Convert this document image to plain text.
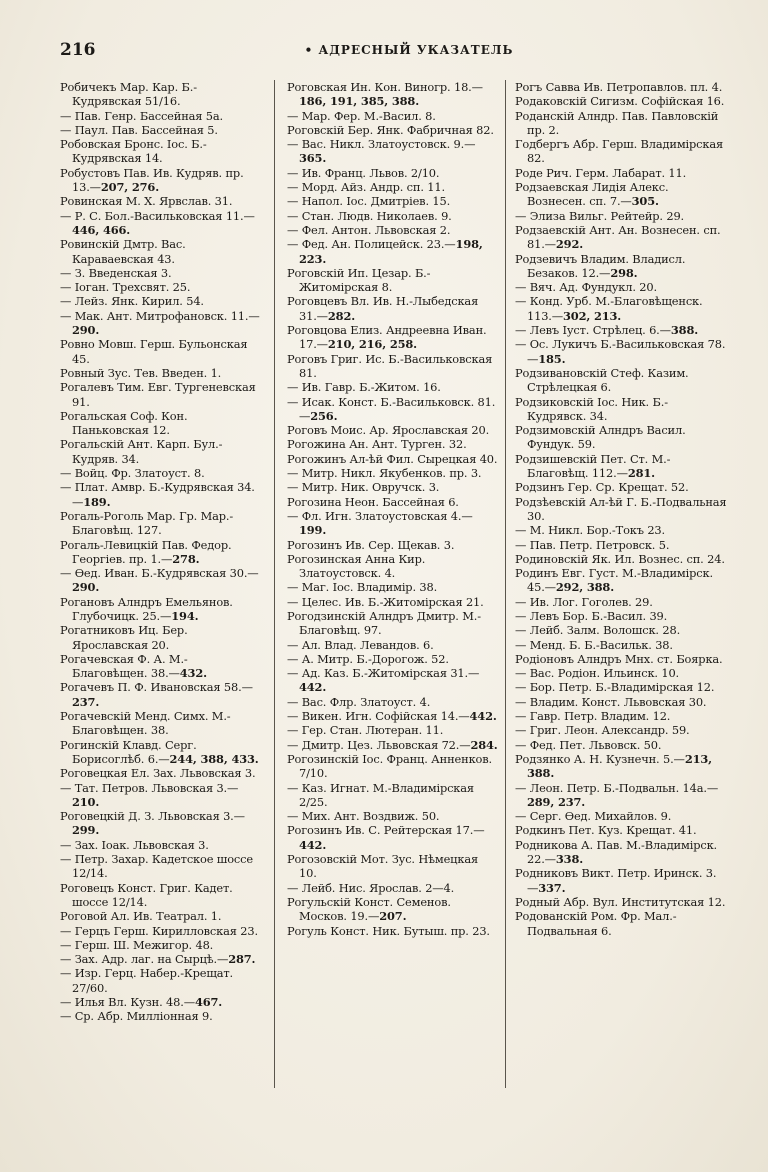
216	• АДРЕСНЫЙ УКАЗАТЕЛЬ

Робичекъ Мар. Кар. Б.-Кудрявская 51/16.

— Пав. Генр. Бассейная 5а.

— Паул. Пав. Бассейная 5.

Робовская Бронс. Іос. Б.-Кудрявская 14.

Робустовъ Пав. Ив. Кудряв. пр. 13.—207, 276.

Ровинская М. Х. Ярвслав. 31.

— Р. С. Бол.-Васильковская 11.—446, 466.

Ровинскій Дмтр. Вас. Караваевская 43.

— З. Введенская 3.

— Іоган. Трехсвят. 25.

— Лейз. Янк. Кирил. 54.

— Мак. Ант. Митрофановск. 11.—290.

Ровно Мовш. Герш. Бульонская 45.

Ровный Зус. Тев. Введен. 1.

Рогалевъ Тим. Евг. Тургеневская 91.

Рогальская Соф. Кон. Паньковская 12.

Рогальскій Ант. Карп. Бул.-Кудряв. 34.

— Войц. Фр. Златоуст. 8.

— Плат. Амвр. Б.-Кудрявская 34.—189.

Рогаль-Роголь Мар. Гр. Мар.-Благовѣщ. 127.

Рогаль-Левицкій Пав. Федор. Георгiев. пр. 1.—278.

— Ѳед. Иван. Б.-Кудрявская 30.—290.

Рогановъ Алндръ Емельянов. Глубочицк. 25.—194.

Рогатниковъ Иц. Бер. Ярославская 20.

Рогачевская Ф. А. М.-Благовѣщен. 38.—432.

Рогачевъ П. Ф. Ивановская 58.—237.

Рогачевскій Менд. Симх. М.-Благовѣщен. 38.

Рогинскій Клавд. Серг. Борисоглѣб. 6.—244, 388, 433.

Роговецкая Ел. Зах. Львовская 3.

— Тат. Петров. Львовская 3.—210.

Роговецкій Д. З. Львовская 3.—299.

— Зах. Іоак. Львовская 3.

— Петр. Захар. Кадетское шоссе 12/14.

Роговецъ Конст. Григ. Кадет. шоссе 12/14.

Роговой Ал. Ив. Театрал. 1.

— Герцъ Герш. Кирилловская 23.

— Герш. Ш. Межигор. 48.

— Зах. Адр. лаг. на Сырцѣ.—287.

— Изр. Герц. Набер.-Крещат. 27/60.

— Илья Вл. Кузн. 48.—467.

— Ср. Абр. Миллiонная 9.

Роговская Ин. Кон. Виногр. 18.—186, 191, 385, 388.

— Мар. Фер. М.-Васил. 8.

Роговскій Бер. Янк. Фабричная 82.

— Вас. Никл. Златоустовск. 9.—365.

— Ив. Франц. Львов. 2/10.

— Морд. Айз. Андр. сп. 11.

— Напол. Іос. Дмитрiев. 15.

— Стан. Людв. Николаев. 9.

— Фел. Антон. Львовская 2.

— Фед. Ан. Полицейск. 23.—198, 223.

Роговскій Ип. Цезар. Б.-Житомірская 8.

Роговцевъ Вл. Ив. Н.-Лыбедская 31.—282.

Роговцова Елиз. Андреевна Иван. 17.—210, 216, 258.

Роговъ Григ. Ис. Б.-Васильковская 81.

— Ив. Гавр. Б.-Житом. 16.

— Исак. Конст. Б.-Васильковск. 81.—256.

Роговъ Моис. Ар. Ярославская 20.

Рогожина Ан. Ант. Турген. 32.

Рогожинъ Ал-ѣй Фил. Сырецкая 40.

— Митр. Никл. Якубенков. пр. 3.

— Митр. Ник. Овручск. 3.

Рогозина Неон. Бассейная 6.

— Фл. Игн. Златоустовская 4.—199.

Рогозинъ Ив. Сер. Щекав. 3.

Рогозинская Анна Кир. Златоустовск. 4.

— Маг. Іос. Владимір. 38.

— Целес. Ив. Б.-Житомірская 21.

Рогодзинскій Алндръ Дмитр. М.-Благовѣщ. 97.

— Ал. Влад. Левандов. 6.

— А. Митр. Б.-Дорогож. 52.

— Ад. Каз. Б.-Житомірская 31.—442.

— Вас. Флр. Златоуст. 4.

— Викен. Игн. Софійская 14.—442.

— Гер. Стан. Лютеран. 11.

— Дмитр. Цез. Львовская 72.—284.

Рогозинскій Іос. Франц. Анненков. 7/10.

— Каз. Игнат. М.-Владимірская 2/25.

— Мих. Ант. Воздвиж. 50.

Рогозинъ Ив. С. Рейтерская 17.—442.

Рогозовскій Мот. Зус. Нѣмецкая 10.

— Лейб. Нис. Ярослав. 2—4.

Рогульскій Конст. Семенов. Москов. 19.—207.

Рогуль Конст. Ник. Бутыш. пр. 23.

Рогъ Савва Ив. Петропавлов. пл. 4.

Родаковскій Сигизм. Софійская 16.

Роданскій Алндр. Пав. Павловскій пр. 2.

Годбергъ Абр. Герш. Владимірская 82.

Роде Рич. Герм. Лабарат. 11.

Родзаевская Лидія Алекс. Вознесен. сп. 7.—305.

— Элиза Вильг. Рейтейр. 29.

Родзаевскій Ант. Ан. Вознесен. сп. 81.—292.

Родзевичъ Владим. Владисл. Безаков. 12.—298.

— Вяч. Ад. Фундукл. 20.

— Конд. Урб. М.-Благовѣщенск. 113.—302, 213.

— Левъ Іуст. Стрѣлец. 6.—388.

— Ос. Лукичъ Б.-Васильковская 78.—185.

Родзивановскій Стеф. Казим. Стрѣлецкая 6.

Родзиковскій Іос. Ник. Б.-Кудрявск. 34.

Родзимовскій Алндръ Васил. Фундук. 59.

Родзишевскій Пет. Ст. М.-Благовѣщ. 112.—281.

Родзинъ Гер. Ср. Крещат. 52.

Родзѣевскій Ал-ѣй Г. Б.-Подвальная 30.

— М. Никл. Бор.-Токъ 23.

— Пав. Петр. Петровск. 5.

Родиновскій Як. Ил. Вознес. сп. 24.

Родинъ Евг. Густ. М.-Владимірск. 45.—292, 388.

— Ив. Лог. Гоголев. 29.

— Левъ Бор. Б.-Васил. 39.

— Лейб. Залм. Волошск. 28.

— Менд. Б. Б.-Васильк. 38.

Родіоновъ Алндръ Мнх. ст. Боярка.

— Вас. Родіон. Ильинск. 10.

— Бор. Петр. Б.-Владимірская 12.

— Владим. Конст. Львовская 30.

— Гавр. Петр. Владим. 12.

— Григ. Леон. Александр. 59.

— Фед. Пет. Львовск. 50.

Родзянко А. Н. Кузнечн. 5.—213, 388.

— Леон. Петр. Б.-Подвальн. 14а.—289, 237.

— Серг. Ѳед. Михайлов. 9.

Родкинъ Пет. Куз. Крещат. 41.

Родникова А. Пав. М.-Владимірск. 22.—338.

Родниковъ Викт. Петр. Иринск. 3.—337.

Родный Абр. Вул. Институтская 12.

Родованскій Ром. Фр. Мал.-Подвальная 6.
